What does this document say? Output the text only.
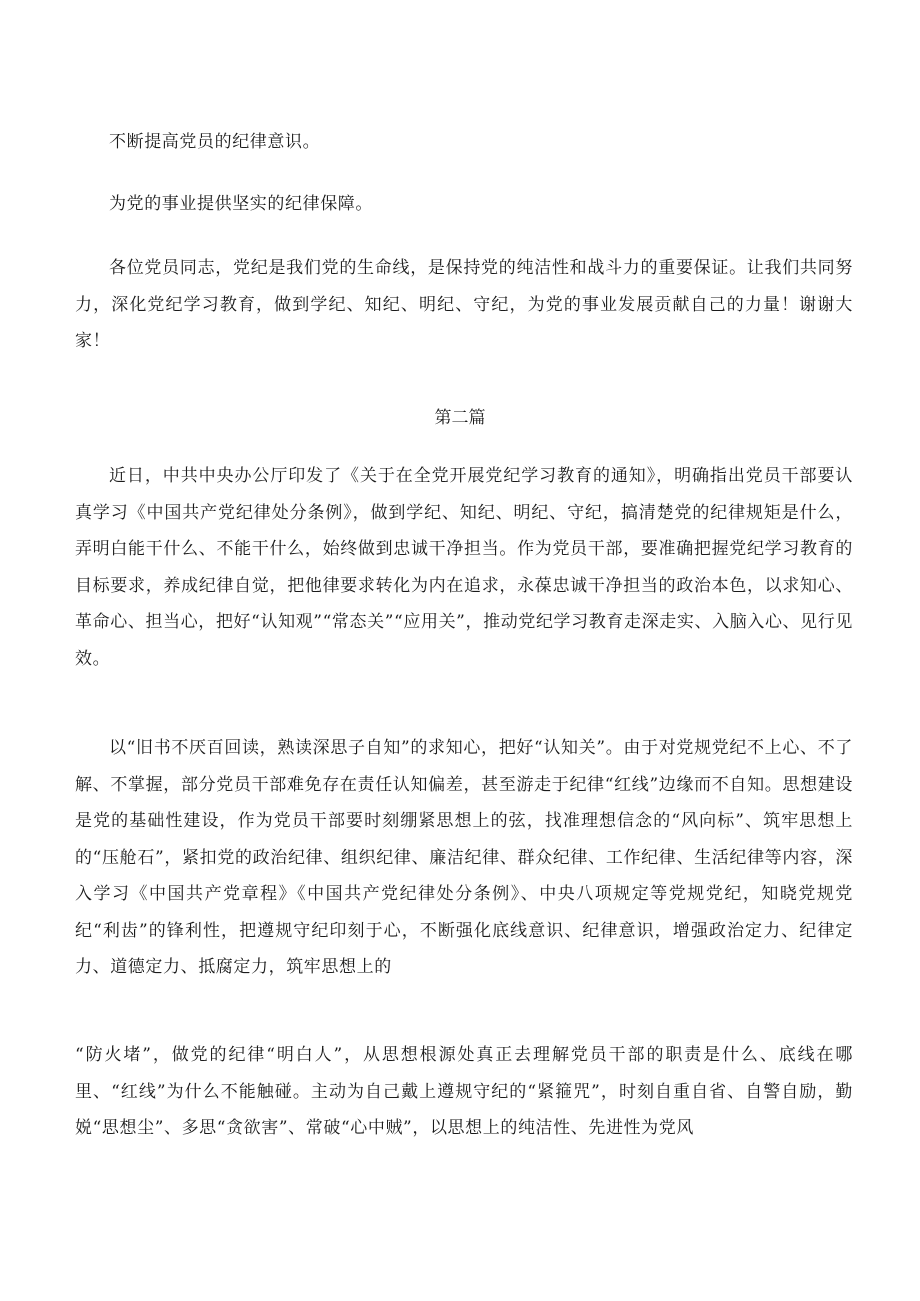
不断提高党员的纪律意识。

为党的事业提供坚实的纪律保障。

各位党员同志，党纪是我们党的生命线，是保持党的纯洁性和战斗力的重要保证。让我们共同努力，深化党纪学习教育，做到学纪、知纪、明纪、守纪，为党的事业发展贡献自己的力量！谢谢大家！

第二篇

近日，中共中央办公厅印发了《关于在全党开展党纪学习教育的通知》，明确指出党员干部要认真学习《中国共产党纪律处分条例》，做到学纪、知纪、明纪、守纪，搞清楚党的纪律规矩是什么，弄明白能干什么、不能干什么，始终做到忠诚干净担当。作为党员干部，要准确把握党纪学习教育的目标要求，养成纪律自觉，把他律要求转化为内在追求，永葆忠诚干净担当的政治本色，以求知心、革命心、担当心，把好“认知观”“常态关”“应用关”，推动党纪学习教育走深走实、入脑入心、见行见效。

以“旧书不厌百回读，熟读深思子自知”的求知心，把好“认知关”。由于对党规党纪不上心、不了解、不掌握，部分党员干部难免存在责任认知偏差，甚至游走于纪律“红线”边缘而不自知。思想建设是党的基础性建设，作为党员干部要时刻绷紧思想上的弦，找准理想信念的“风向标”、筑牢思想上的“压舱石”，紧扣党的政治纪律、组织纪律、廉洁纪律、群众纪律、工作纪律、生活纪律等内容，深入学习《中国共产党章程》《中国共产党纪律处分条例》、中央八项规定等党规党纪，知晓党规党纪“利齿”的锋利性，把遵规守纪印刻于心，不断强化底线意识、纪律意识，增强政治定力、纪律定力、道德定力、抵腐定力，筑牢思想上的

“防火堵”，做党的纪律“明白人”，从思想根源处真正去理解党员干部的职责是什么、底线在哪里、“红线”为什么不能触碰。主动为自己戴上遵规守纪的“紧箍咒”，时刻自重自省、自警自励，勤娧“思想尘”、多思“贪欲害”、常破“心中贼”，以思想上的纯洁性、先进性为党风
